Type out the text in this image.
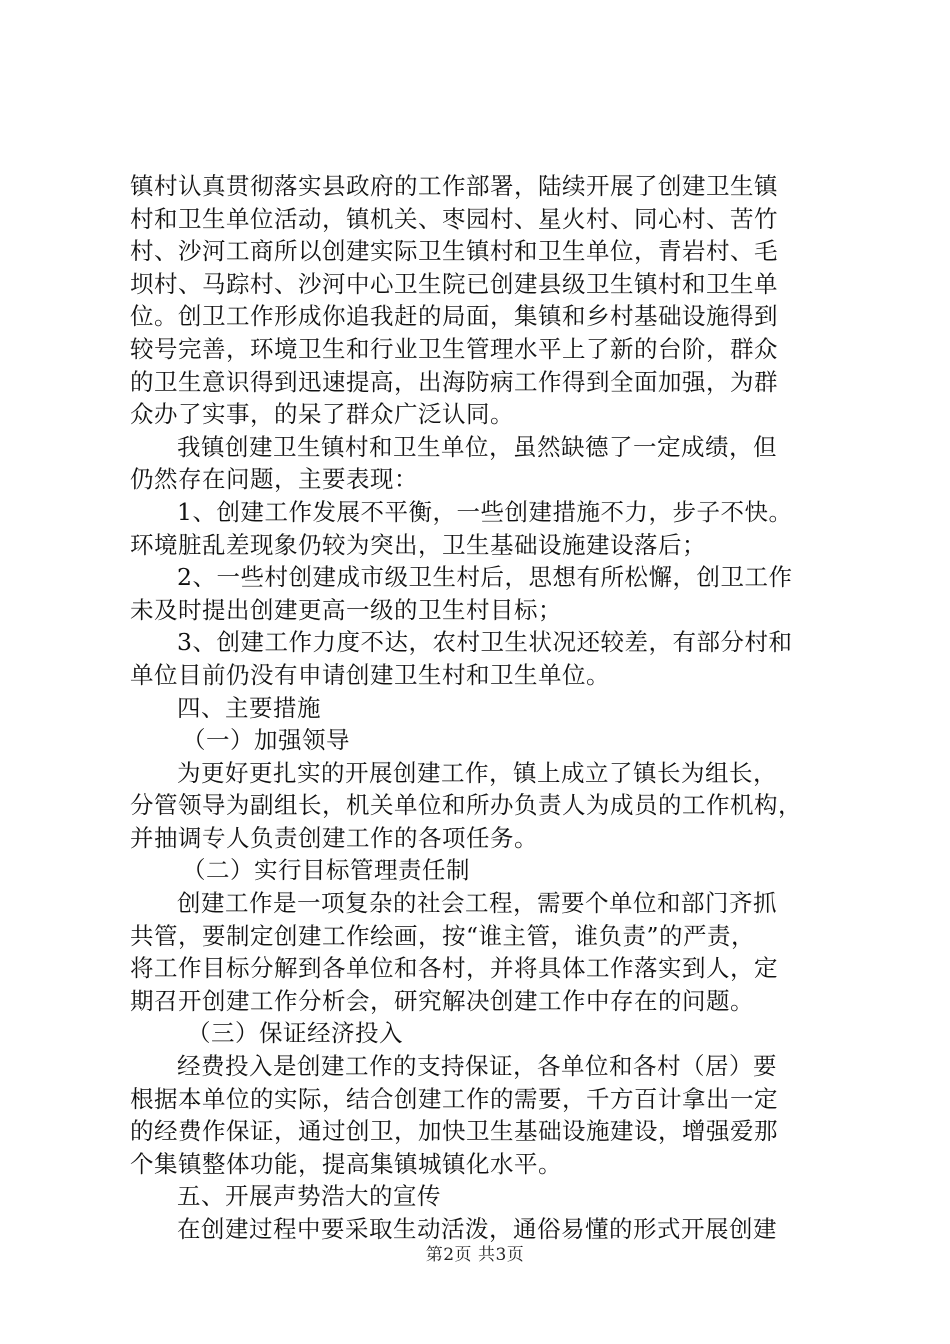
镇村认真贯彻落实县政府的工作部署，陆续开展了创建卫生镇
村和卫生单位活动，镇机关、枣园村、星火村、同心村、苦竹
村、沙河工商所以创建实际卫生镇村和卫生单位，青岩村、毛
坝村、马踪村、沙河中心卫生院已创建县级卫生镇村和卫生单
位。创卫工作形成你追我赶的局面，集镇和乡村基础设施得到
较号完善，环境卫生和行业卫生管理水平上了新的台阶，群众
的卫生意识得到迅速提高，出海防病工作得到全面加强，为群
众办了实事，的呆了群众广泛认同。
我镇创建卫生镇村和卫生单位，虽然缺德了一定成绩，但
仍然存在问题，主要表现：
1、创建工作发展不平衡，一些创建措施不力，步子不快。
环境脏乱差现象仍较为突出，卫生基础设施建设落后；
2、一些村创建成市级卫生村后，思想有所松懈，创卫工作
未及时提出创建更高一级的卫生村目标；
3、创建工作力度不达，农村卫生状况还较差，有部分村和
单位目前仍没有申请创建卫生村和卫生单位。
四、主要措施
（一）加强领导
为更好更扎实的开展创建工作，镇上成立了镇长为组长，
分管领导为副组长，机关单位和所办负责人为成员的工作机构，
并抽调专人负责创建工作的各项任务。
（二）实行目标管理责任制
创建工作是一项复杂的社会工程，需要个单位和部门齐抓
共管，要制定创建工作绘画，按“谁主管，谁负责”的严责，
将工作目标分解到各单位和各村，并将具体工作落实到人，定
期召开创建工作分析会，研究解决创建工作中存在的问题。
（三）保证经济投入
经费投入是创建工作的支持保证，各单位和各村（居）要
根据本单位的实际，结合创建工作的需要，千方百计拿出一定
的经费作保证，通过创卫，加快卫生基础设施建设，增强爱那
个集镇整体功能，提高集镇城镇化水平。
五、开展声势浩大的宣传
在创建过程中要采取生动活泼，通俗易懂的形式开展创建
第2页 共3页
